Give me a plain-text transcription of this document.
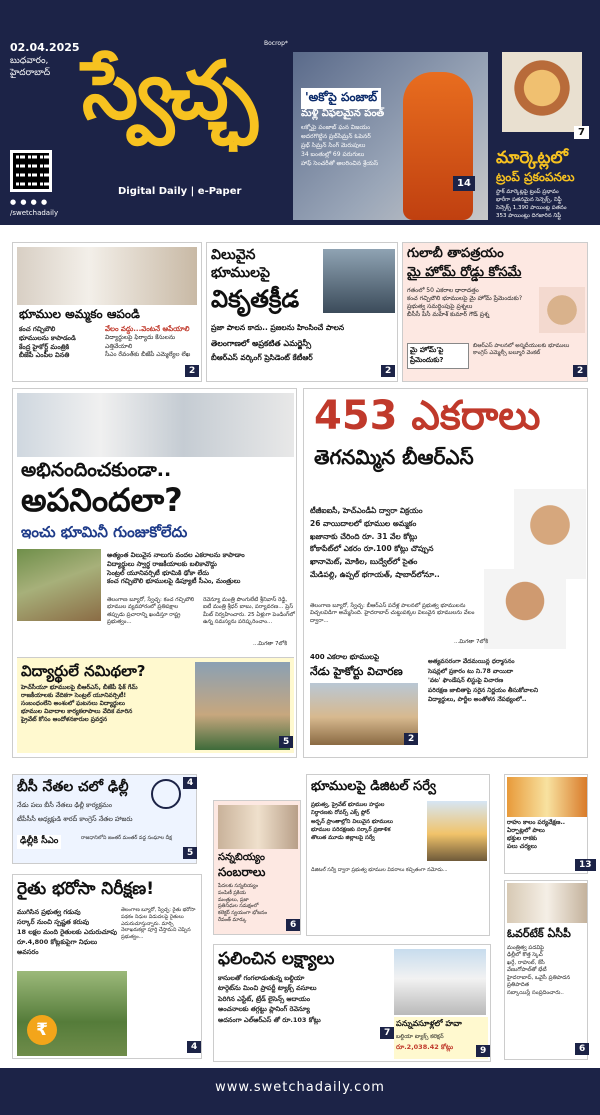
02.04.2025
బుధవారం,
హైదరాబాద్
Bocrop*
స్వేచ్ఛ
Digital Daily | e-Paper
● ● ● ●
/swetchadaily
'అకోపై పంజాబ్
మళ్లీ విఫలమైన పంత్
లక్నోపై పంజాబ్ ఘన విజయం
అదరగొట్టిన ప్రబ్‌సిమ్రన్ ‌ఓపెనర్
ప్రభ్ సిమ్రన్ సింగ్ మెరుపులు
34 బంతుల్లో 69 పరుగులు
హాఫ్ సెంచరీతో అలరించిన శ్రేయస్
14
7
మార్కెట్లలో
ట్రంప్ ప్రకంపనలు
స్టాక్ మార్కెట్లపై ట్రంప్ ప్రభావం
భారీగా పతనమైన సెన్సెక్స్, నిఫ్టీ
సెన్సెక్స్ 1,390 పాయింట్ల పతనం
353 పాయింట్లు దిగజారిన నిఫ్టీ
భూముల అమ్మకం ఆపండి
కంచ గచ్చిబౌలి
భూములను కాపాడండి
కేంద్ర హైకోర్ట్ మంత్రికి
బీజేపీ ఎంపీల వినతి
వేలం వద్దు...వెంటనే ఆపేయాలి
విద్యార్థులపై ఫిర్యాదు కేసులను ఎత్తివేయాలి
సీఎం రేవంత్‌కు బీజేపీ ఎమ్మెల్యేల లేఖ
2
విలువైన
భూములపై
వికృతక్రీడ
ప్రజా పాలన కాదు.. ప్రజలను హింసించే పాలన
తెలంగాణలో అప్రకటిత ఎమర్జెన్సీ
బీఆర్ఎస్ వర్కింగ్ ప్రెసిడెంట్ కేటీఆర్
2
గులాబీ తాపత్రయం
మై హోమ్ రోడ్డు కోసమే
గతంలో 50 ఎకరాల ధారాదత్తం
కంచ గచ్చిబౌలి భూములపై మై హోమ్ ప్రేమెందుకు?
ప్రభుత్వ సమర్థింపుపై ప్రశ్నలు
బీసీసీ పీసీ మహేశ్ కుమార్ గౌడ్ ప్రశ్న
మై హోమ్'పై ప్రేమెందుకు?
బిఆర్ఎస్ పాలనలో అస్మదీయులకు భూములు
కాంగ్రెస్ ఎమ్మెల్సీ బల్మూరి వెంకట్
2
అభినందించకుండా..
అపనిందలా?
ఇంచు భూమినీ గుంజుకోలేదు
అత్యంత విలువైన నాలుగు వందల ఎకరాలను కాపాడాం
విద్యార్థులు స్వార్థ రాజకీయాలకు బలికావొద్దు
సెంట్రల్ యూనివర్సిటీ భూమికి ఢోకా లేదు
కంచ గచ్చిబౌలి భూములపై డిప్యూటీ సీఎం, మంత్రులు
తెలంగాణ బ్యూరో, స్వేచ్ఛ: కంచ గచ్చిబౌలి భూముల వ్యవహారంలో ప్రతిపక్షాల తప్పుడు ప్రచారాన్ని ఖండిస్తూ రాష్ట్ర ప్రభుత్వం...
రెవెన్యూ మంత్రి పొంగులేటి శ్రీనివాస్ రెడ్డి, ఐటీ మంత్రి శ్రీధర్ బాబు, పర్యావరణ... ప్రెస్ మీట్ నిర్వహించారు. 25 ఏళ్లుగా పెండింగ్‌లో ఉన్న సమస్యను పరిష్కరించాం...
...మిగతా 7లోకి
విద్యార్థులే నమిథలా?
హెచ్‌సీయూ భూములపై బీఆర్ఎస్, బీజేపీ ఫేక్ గేమ్
రాజకీయాలకు వేదికగా సెంట్రల్ యూనివర్సిటీ!
సంబంధంలేని అంశంలో ఘటనలు విద్యార్థులు
భూముల వివాదాల కార్యకలాపాలు వేదిక మారిన
ప్రైవేట్ కోసం ఆందోళనకారుల ప్రవర్తన
5
453 ఎకరాలు
తెగనమ్మిన బీఆర్ఎస్
టీజీఐఐసీ, హెచ్ఎండీఏ ద్వారా విక్రయం
26 వాయిదాలలో భూముల అమ్మకం
ఖజానాకు చేరింది రూ. 31 వేల కోట్లు
కోకాపేట్‌లో ఎకరం రూ.100 కోట్లు చొప్పున
ఖానామెట్, మోకిల, బుద్వేల్‌లో సైతం
మేడిపల్లి, ఉప్పల్ భగాయత్, షాబాద్‌లోనూ..
తెలంగాణ బ్యూరో, స్వేచ్ఛ: బీఆర్ఎస్ పదేళ్ల పాలనలో ప్రభుత్వ భూములను విచ్చలవిడిగా అమ్మేసింది. హైదరాబాద్ చుట్టుపక్కల విలువైన భూములను వేలం ద్వారా...
...మిగతా 7లోకి
400 ఎకరాల భూములపై
నేడు హైకోర్టు విచారణ
2
అత్యవసరంగా వేదమయిన్ల ధర్మాసనం
సెషన్లలో ప్రకారం టు ని.78 వాయిదా
'వట' ఫౌండేషన్ లిస్టుపై విచారణ
పరిరక్షణ జాబితాపై సరైన నిర్ణయం తీసుకోవాలని
విద్యార్థులు, పార్టీల అంతోళన నేపథ్యంలో..
బీసీ నేతల చలో ఢిల్లీ	4
నేడు పలు బీసీ నేతలు ఢిల్లీ కార్యక్రమం
టీపీసీసీ అధ్యక్షుడి శారద్ కాంగ్రెస్ నేతల హాజరు
ఢిల్లీకి సీఎం	రాజధానిలోని జంతర్ మంతర్ వద్ద సంఘాల దీక్ష
5
రైతు భరోసా నిరీక్షణ!
ముగిసిన ప్రభుత్వ గడువు
సర్కార్ నుంచి స్పష్టత కరువు
18 లక్షల మంది రైతులకు ఎదురుచూపు
రూ.4,800 కోట్లకుపైగా నిధులు అవసరం
తెలంగాణ బ్యూరో, స్వేచ్ఛ: రైతు భరోసా పథకం నిధుల విడుదలపై రైతులు ఎదురుచూస్తున్నారు. మార్చి నెలాఖరుకల్లా పూర్తి చేస్తామని చెప్పిన ప్రభుత్వం...
₹
4
సన్నబియ్యం
సంబరాలు
పేదలకు సన్నబియ్యం
పంపిణీ ప్రకియ
మంత్రులు, ప్రజా
ప్రతినిధుల సమక్షంలో
కలెక్టర్ స్వయంగా భోజనం
రేవంత్ మార్కు
6
భూములపై డిజిటల్ సర్వే
ప్రభుత్వ, ప్రైవేట్ భూముల హద్దుల
నిర్ధారణకు రోవర్స్ ఎక్స్ ప్లోర్
అర్బన్ ప్రాంతాల్లోని విలువైన భూములు
భూముల పరిరక్షణకు సర్కార్ ప్రణాళిక
తొలుత మూడు జిల్లాలపై సర్వే
డిజిటల్ సర్వే ద్వారా ప్రభుత్వ భూముల వివరాలు కచ్చితంగా నమోదు...
రాహు కాలం పర్యవేక్షణ..
ఏర్పాట్లలో పాలు
భక్తుల రాకకు
పలు చర్యలు
13
ఫలించిన లక్ష్యాలు
కాసులతో గంగలాడుతున్న బల్దియా
టార్గెట్‌ను మించి ప్రాపర్టీ ట్యాక్స్ వసూలు
పెరిగిన ఎస్టేట్, ట్రేడ్ లైసెన్స్ ఆదాయం
అంచనాలకు తగ్గట్టు ప్లానింగ్ రెవెన్యూ
అదనంగా ఎల్ఆర్ఎస్ తో రూ.103 కోట్లు
7
పన్నువసూళ్లలో హవా
బల్దియా ట్యాక్స్ కలెక్షన్
రూ.2,038.42 కోట్లు	9
ఓవర్‌టేక్ ఏసీపీ
మంత్రిత్వ పదవిపై
ఢిల్లీలో కొత్త స్కెచ్
ఖర్గే, రాహుల్, కేసీ
వేణుగోపాల్‌తో భేటీ
హైదరాబాద్, ఒవైసీ ప్రతిపాదన
ప్రతిపాదిత
సబ్కాయిస్లే సంప్రదించారు..
6
www.swetchadaily.com
